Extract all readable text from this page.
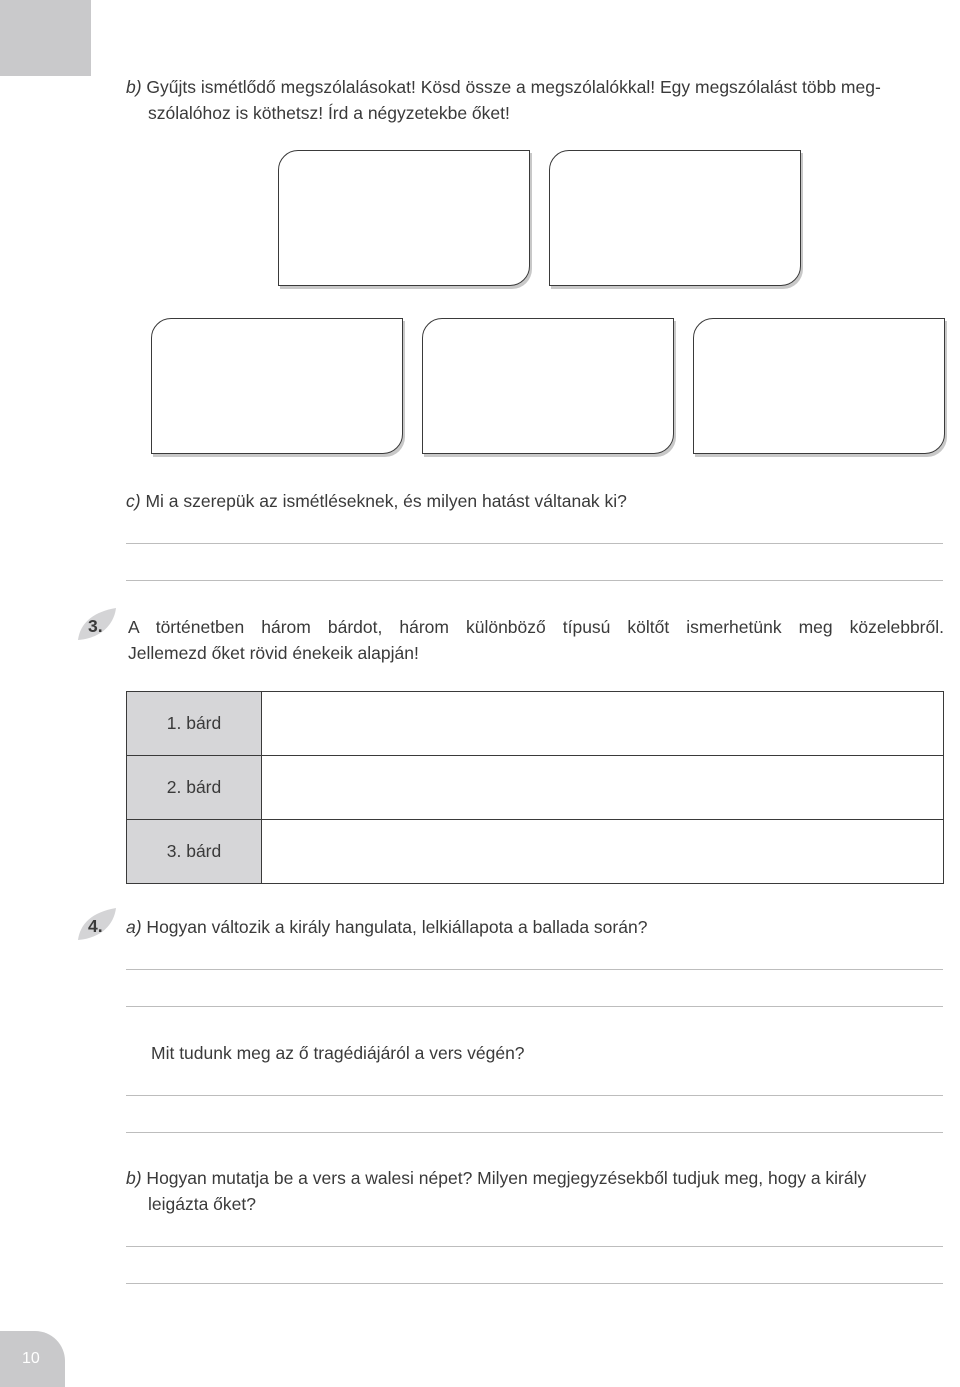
b) Gyűjts ismétlődő megszólalásokat! Kösd össze a megszólalókkal! Egy megszólalást több meg-
szólalóhoz is köthetsz! Írd a négyzetekbe őket!
c) Mi a szerepük az ismétléseknek, és milyen hatást váltanak ki?
3. A történetben három bárdot, három különböző típusú költőt ismerhetünk meg közelebbről.
Jellemezd őket rövid énekeik alapján!
1. bárd	
2. bárd	
3. bárd	
4. a) Hogyan változik a király hangulata, lelkiállapota a ballada során?
Mit tudunk meg az ő tragédiájáról a vers végén?
b) Hogyan mutatja be a vers a walesi népet? Milyen megjegyzésekből tudjuk meg, hogy a király
leigázta őket?
10
